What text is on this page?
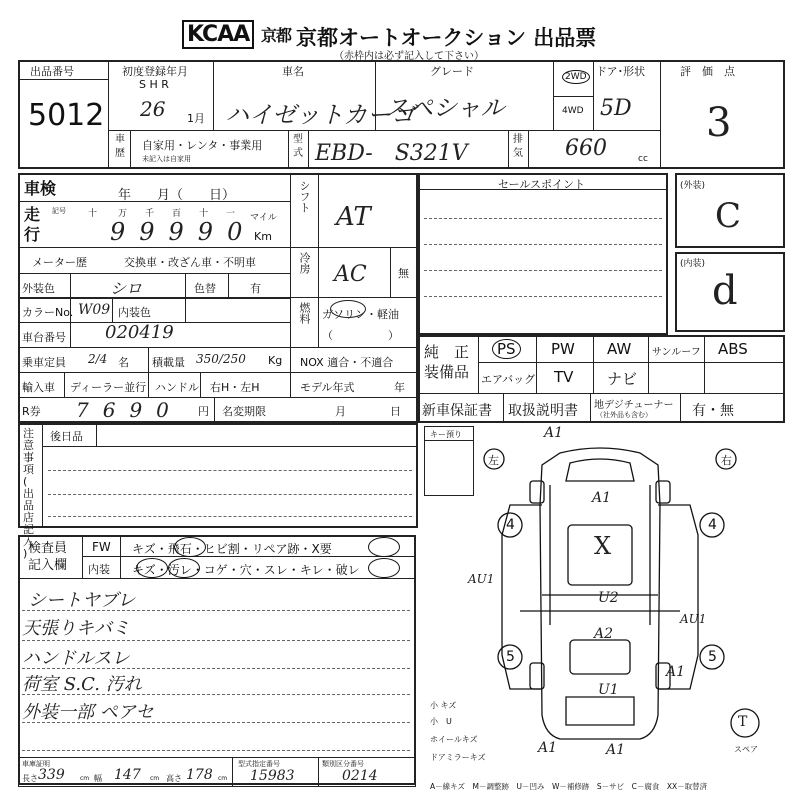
KCAA 京都 京都オートオークション 出品票
（赤枠内は必ず記入して下さい）
出品番号
5012
初度登録年月
S H R
26 1月
車名
ハイゼットカーゴ
グレード
スペシャル
2WD
4WD
ドア･形状
5D
評　価　点
3
車
歴
自家用・レンタ・事業用
未記入は自家用
型
式 EBD-　S321V
排
気 660	cc
車検	年　　月（　　日）
走
行
記号 十 万 千 百 十 一
99990
マイル
Km
シフト
AT
メーター歴	交換車・改ざん車・不明車	冷房 AC	無
外装色	シロ	色替	有
カラーNo. W09 内装色	燃料 ガソリン・軽油
（　　　　　）
車台番号 020419
乗車定員 2/4 名 積載量 350/250 Kg NOX 適合・不適合
輸入車 ディーラー並行 ハンドル 右H・左H	モデル年式	年
R券 7690 円 名変期限	月　　　　日
セールスポイント	(外装)
C
(内装)
d
純　正
装備品
PS	PW AW サンルーフ ABS
エアバッグ TV ナビ
新車保証書 取扱説明書 地デジチューナー
（社外品も含む）	有・無
注
意
事
項
(
出
品
店
記
入
)
後日品	キー預り
検査員
記入欄
FW キズ・飛石・ヒビ割・リペア跡・X要
内装 キズ・汚レ・コゲ・穴・スレ・キレ・破レ
シートヤブレ
天張りキバミ
ハンドルスレ
荷室 S.C. 汚れ
外装一部 ペアセ
左	右
4	4
5	5
A1
A1
X
AU1
U2
AU1
A2
U1
A1
A1	A1
T
スペア
小 キズ
小　U
ホイールキズ
ドアミラーキズ
車庫証明
長さ 339	cm 幅 147 cm 高さ 178 cm
型式指定番号
15983
類別区分番号
0214
A－線キズ　M－調整跡　U－凹み　W－補修跡　S－サビ　C－腐食　XX－取替済
